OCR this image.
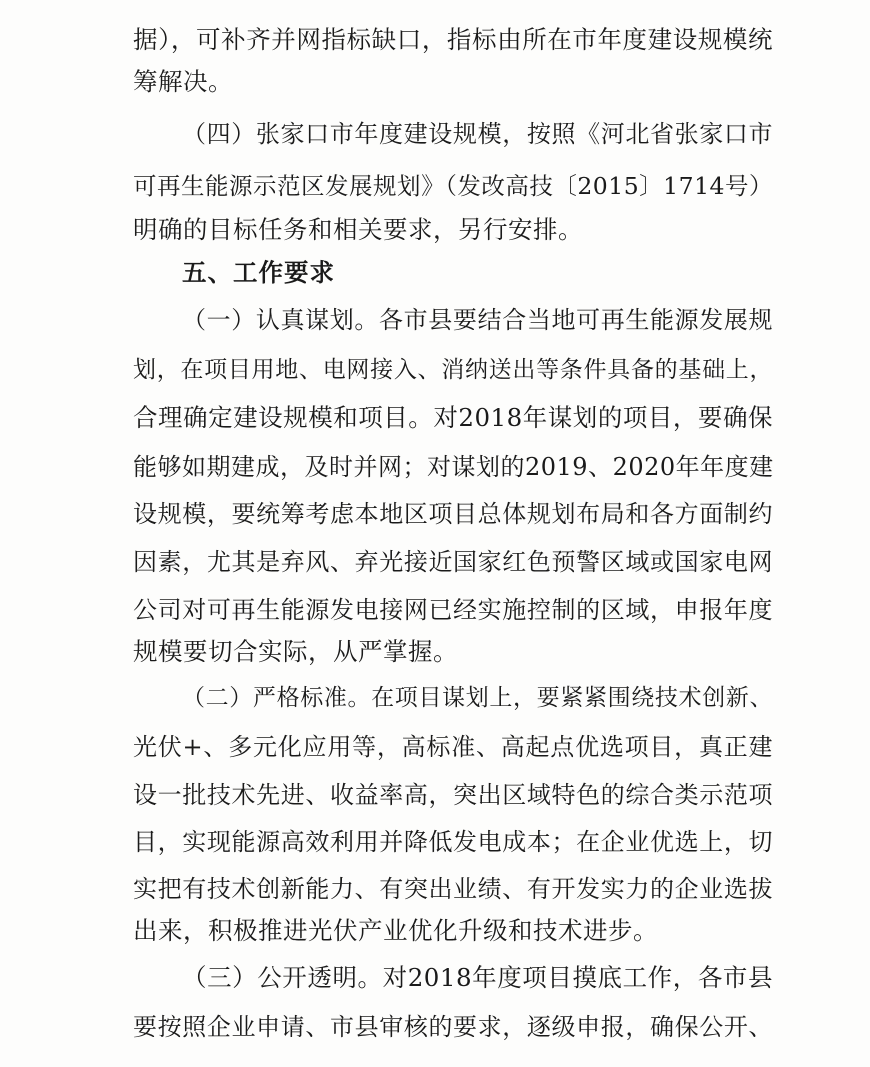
据），可补齐并网指标缺口，指标由所在市年度建设规模统
筹解决。
（四）张家口市年度建设规模，按照《河北省张家口市
可再生能源示范区发展规划》（发改高技〔2015〕1714号）
明确的目标任务和相关要求，另行安排。
五、工作要求
（一）认真谋划。各市县要结合当地可再生能源发展规
划，在项目用地、电网接入、消纳送出等条件具备的基础上，
合理确定建设规模和项目。对2018年谋划的项目，要确保
能够如期建成，及时并网；对谋划的2019、2020年年度建
设规模，要统筹考虑本地区项目总体规划布局和各方面制约
因素，尤其是弃风、弃光接近国家红色预警区域或国家电网
公司对可再生能源发电接网已经实施控制的区域，申报年度
规模要切合实际，从严掌握。
（二）严格标准。在项目谋划上，要紧紧围绕技术创新、
光伏+、多元化应用等，高标准、高起点优选项目，真正建
设一批技术先进、收益率高，突出区域特色的综合类示范项
目，实现能源高效利用并降低发电成本；在企业优选上，切
实把有技术创新能力、有突出业绩、有开发实力的企业选拔
出来，积极推进光伏产业优化升级和技术进步。
（三）公开透明。对2018年度项目摸底工作，各市县
要按照企业申请、市县审核的要求，逐级申报，确保公开、
